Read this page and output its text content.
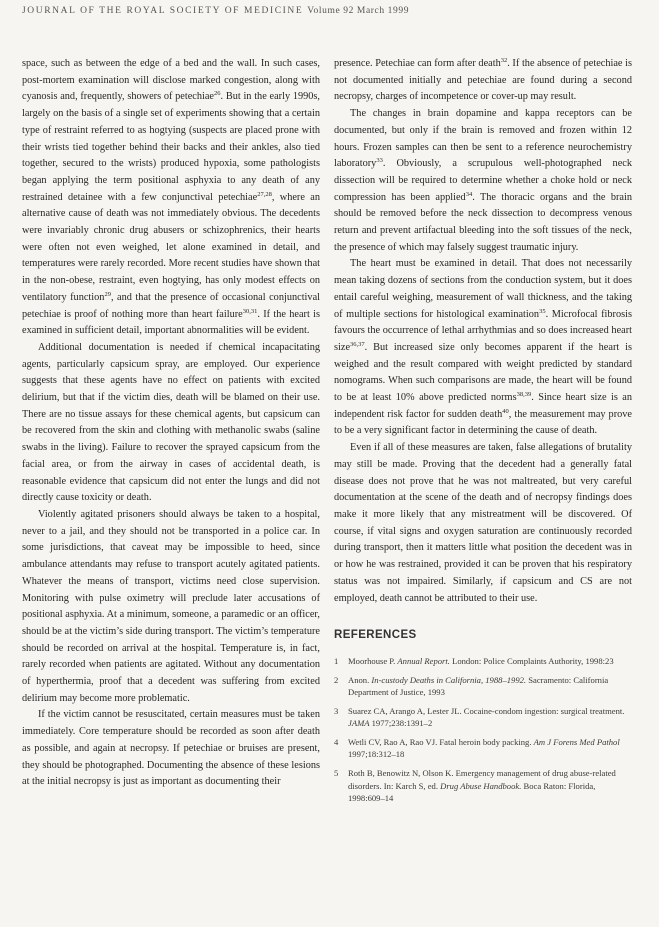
JOURNAL OF THE ROYAL SOCIETY OF MEDICINE Volume 92 March 1999

space, such as between the edge of a bed and the wall. In such cases, post-mortem examination will disclose marked congestion, along with cyanosis and, frequently, showers of petechiae$^{26}$. But in the early 1990s, largely on the basis of a single set of experiments showing that a certain type of restraint referred to as hogtying (suspects are placed prone with their wrists tied together behind their backs and their ankles, also tied together, secured to the wrists) produced hypoxia, some pathologists began applying the term positional asphyxia to any death of any restrained detainee with a few conjunctival petechiae$^{27,28}$, where an alternative cause of death was not immediately obvious. The decedents were invariably chronic drug abusers or schizophrenics, their hearts were often not even weighed, let alone examined in detail, and temperatures were rarely recorded. More recent studies have shown that in the non-obese, restraint, even hogtying, has only modest effects on ventilatory function$^{29}$, and that the presence of occasional conjunctival petechiae is proof of nothing more than heart failure$^{30,31}$. If the heart is examined in sufficient detail, important abnormalities will be evident.

Additional documentation is needed if chemical incapacitating agents, particularly capsicum spray, are employed. Our experience suggests that these agents have no effect on patients with excited delirium, but that if the victim dies, death will be blamed on their use. There are no tissue assays for these chemical agents, but capsicum can be recovered from the skin and clothing with methanolic swabs (saline swabs in the living). Failure to recover the sprayed capsicum from the facial area, or from the airway in cases of accidental death, is reasonable evidence that capsicum did not enter the lungs and did not directly cause toxicity or death.

Violently agitated prisoners should always be taken to a hospital, never to a jail, and they should not be transported in a police car. In some jurisdictions, that caveat may be impossible to heed, since ambulance attendants may refuse to transport acutely agitated patients. Whatever the means of transport, victims need close supervision. Monitoring with pulse oximetry will preclude later accusations of positional asphyxia. At a minimum, someone, a paramedic or an officer, should be at the victim’s side during transport. The victim’s temperature should be recorded on arrival at the hospital. Temperature is, in fact, rarely recorded when patients are agitated. Without any documentation of hyperthermia, proof that a decedent was suffering from excited delirium may become more problematic.

If the victim cannot be resuscitated, certain measures must be taken immediately. Core temperature should be recorded as soon after death as possible, and again at necropsy. If petechiae or bruises are present, they should be photographed. Documenting the absence of these lesions at the initial necropsy is just as important as documenting their

presence. Petechiae can form after death$^{32}$. If the absence of petechiae is not documented initially and petechiae are found during a second necropsy, charges of incompetence or cover-up may result.

The changes in brain dopamine and kappa receptors can be documented, but only if the brain is removed and frozen within 12 hours. Frozen samples can then be sent to a reference neurochemistry laboratory$^{33}$. Obviously, a scrupulous well-photographed neck dissection will be required to determine whether a choke hold or neck compression has been applied$^{34}$. The thoracic organs and the brain should be removed before the neck dissection to decompress venous return and prevent artifactual bleeding into the soft tissues of the neck, the presence of which may falsely suggest traumatic injury.

The heart must be examined in detail. That does not necessarily mean taking dozens of sections from the conduction system, but it does entail careful weighing, measurement of wall thickness, and the taking of multiple sections for histological examination$^{35}$. Microfocal fibrosis favours the occurrence of lethal arrhythmias and so does increased heart size$^{36,37}$. But increased size only becomes apparent if the heart is weighed and the result compared with weight predicted by standard nomograms. When such comparisons are made, the heart will be found to be at least 10% above predicted norms$^{38,39}$. Since heart size is an independent risk factor for sudden death$^{40}$, the measurement may prove to be a very significant factor in determining the cause of death.

Even if all of these measures are taken, false allegations of brutality may still be made. Proving that the decedent had a generally fatal disease does not prove that he was not maltreated, but very careful documentation at the scene of the death and of necropsy findings does make it more likely that any mistreatment will be discovered. Of course, if vital signs and oxygen saturation are continuously recorded during transport, then it matters little what position the decedent was in or how he was restrained, provided it can be proven that his respiratory status was not impaired. Similarly, if capsicum and CS are not employed, death cannot be attributed to their use.

REFERENCES
1 Moorhouse P. Annual Report. London: Police Complaints Authority, 1998:23
2 Anon. In-custody Deaths in California, 1988–1992. Sacramento: California Department of Justice, 1993
3 Suarez CA, Arango A, Lester JL. Cocaine-condom ingestion: surgical treatment. JAMA 1977;238:1391–2
4 Wetli CV, Rao A, Rao VJ. Fatal heroin body packing. Am J Forens Med Pathol 1997;18:312–18
5 Roth B, Benowitz N, Olson K. Emergency management of drug abuse-related disorders. In: Karch S, ed. Drug Abuse Handbook. Boca Raton: Florida, 1998:609–14
